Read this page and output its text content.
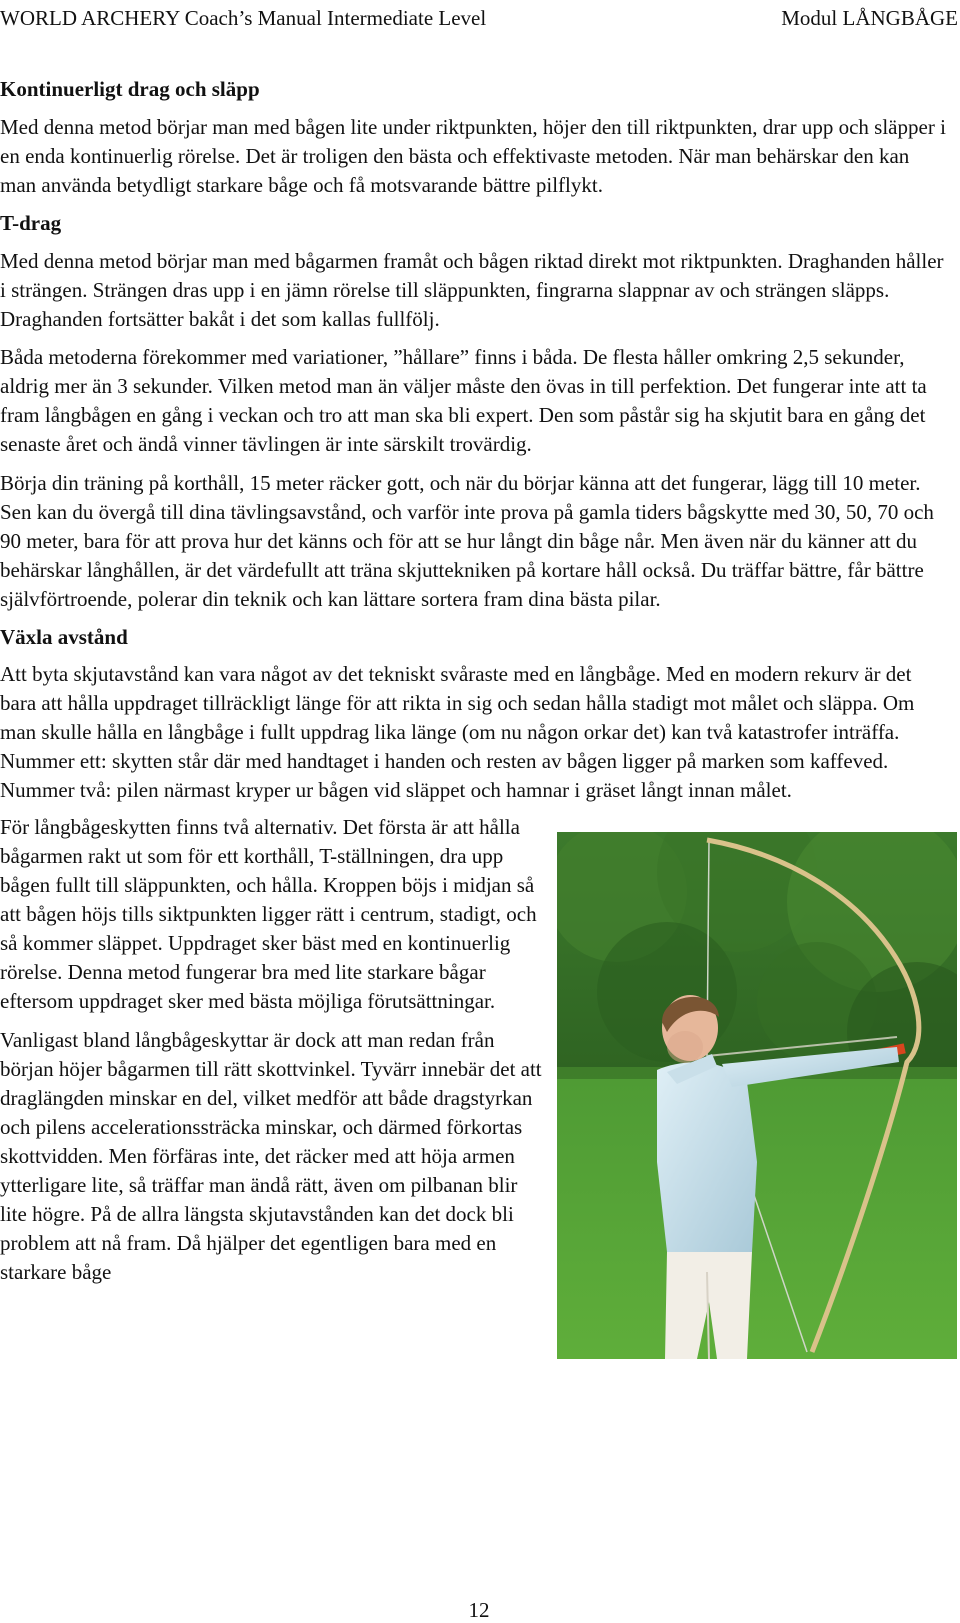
WORLD ARCHERY Coach’s Manual Intermediate Level	Modul LÅNGBÅGE
Kontinuerligt drag och släpp

Med denna metod börjar man med bågen lite under riktpunkten, höjer den till riktpunkten, drar upp och släpper i en enda kontinuerlig rörelse. Det är troligen den bästa och effektivaste metoden. När man behärskar den kan man använda betydligt starkare båge och få motsvarande bättre pilflykt.

T-drag

Med denna metod börjar man med bågarmen framåt och bågen riktad direkt mot riktpunkten. Draghanden håller i strängen. Strängen dras upp i en jämn rörelse till släppunkten, fingrarna slappnar av och strängen släpps. Draghanden fortsätter bakåt i det som kallas fullfölj.

Båda metoderna förekommer med variationer, ”hållare” finns i båda. De flesta håller omkring 2,5 sekunder, aldrig mer än 3 sekunder. Vilken metod man än väljer måste den övas in till perfektion. Det fungerar inte att ta fram långbågen en gång i veckan och tro att man ska bli expert. Den som påstår sig ha skjutit bara en gång det senaste året och ändå vinner tävlingen är inte särskilt trovärdig.

Börja din träning på korthåll, 15 meter räcker gott, och när du börjar känna att det fungerar, lägg till 10 meter. Sen kan du övergå till dina tävlingsavstånd, och varför inte prova på gamla tiders bågskytte med 30, 50, 70 och 90 meter, bara för att prova hur det känns och för att se hur långt din båge når. Men även när du känner att du behärskar långhållen, är det värdefullt att träna skjuttekniken på kortare håll också. Du träffar bättre, får bättre självförtroende, polerar din teknik och kan lättare sortera fram dina bästa pilar.

Växla avstånd

Att byta skjutavstånd kan vara något av det tekniskt svåraste med en långbåge. Med en modern rekurv är det bara att hålla uppdraget tillräckligt länge för att rikta in sig och sedan hålla stadigt mot målet och släppa. Om man skulle hålla en långbåge i fullt uppdrag lika länge (om nu någon orkar det) kan två katastrofer inträffa. Nummer ett: skytten står där med handtaget i handen och resten av bågen ligger på marken som kaffeved. Nummer två: pilen närmast kryper ur bågen vid släppet och hamnar i gräset långt innan målet.

För långbågeskytten finns två alternativ. Det första är att hålla bågarmen rakt ut som för ett korthåll, T-ställningen, dra upp bågen fullt till släppunkten, och hålla. Kroppen böjs i midjan så att bågen höjs tills siktpunkten ligger rätt i centrum, stadigt, och så kommer släppet. Uppdraget sker bäst med en kontinuerlig rörelse. Denna metod fungerar bra med lite starkare bågar eftersom uppdraget sker med bästa möjliga förutsättningar.

Vanligast bland långbågeskyttar är dock att man redan från början höjer bågarmen till rätt skottvinkel. Tyvärr innebär det att draglängden minskar en del, vilket medför att både dragstyrkan och pilens accelerationssträcka minskar, och därmed förkortas skottvidden. Men förfäras inte, det räcker med att höja armen ytterligare lite, så träffar man ändå rätt, även om pilbanan blir lite högre. På de allra längsta skjutavstånden kan det dock bli problem att nå fram. Då hjälper det egentligen bara med en starkare båge

12
